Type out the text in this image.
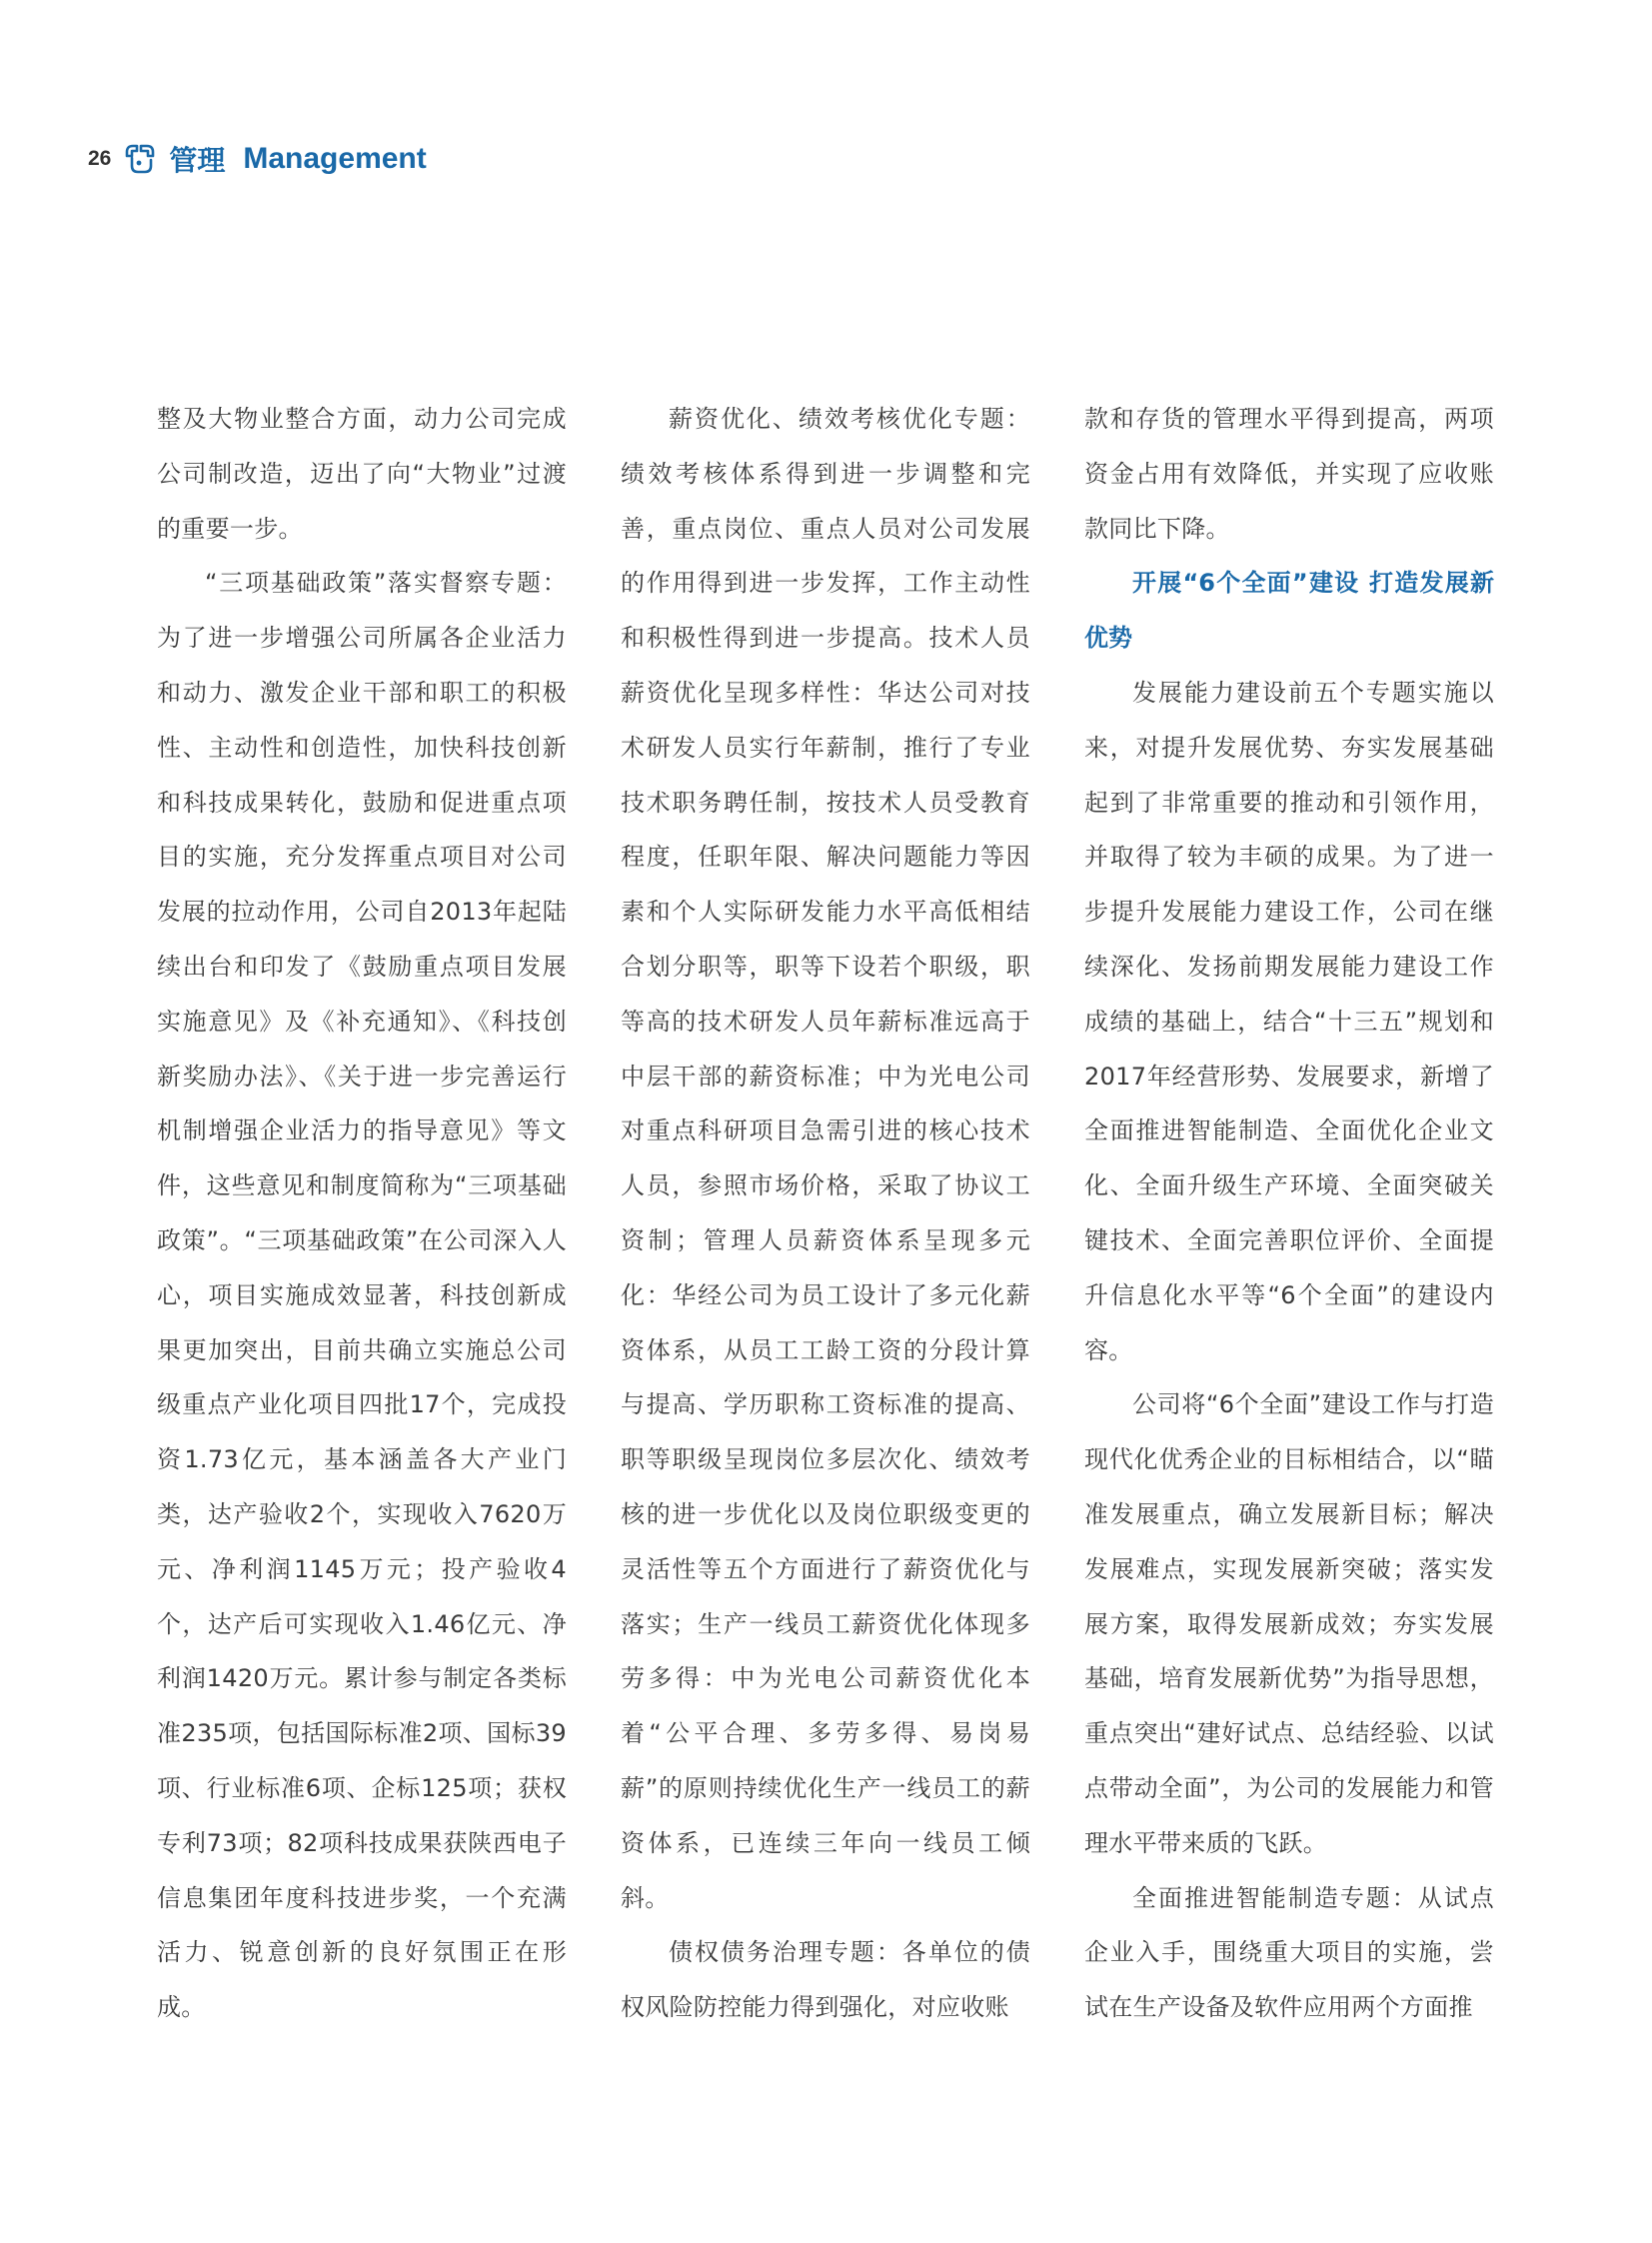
26 管理 Management

整及大物业整合方面，动力公司完成公司制改造，迈出了向“大物业”过渡的重要一步。

“三项基础政策”落实督察专题：为了进一步增强公司所属各企业活力和动力、激发企业干部和职工的积极性、主动性和创造性，加快科技创新和科技成果转化，鼓励和促进重点项目的实施，充分发挥重点项目对公司发展的拉动作用，公司自2013年起陆续出台和印发了《鼓励重点项目发展实施意见》及《补充通知》、《科技创新奖励办法》、《关于进一步完善运行机制增强企业活力的指导意见》等文件，这些意见和制度简称为“三项基础政策”。“三项基础政策”在公司深入人心，项目实施成效显著，科技创新成果更加突出，目前共确立实施总公司级重点产业化项目四批17个，完成投资1.73亿元，基本涵盖各大产业门类，达产验收2个，实现收入7620万元、净利润1145万元；投产验收4个，达产后可实现收入1.46亿元、净利润1420万元。累计参与制定各类标准235项，包括国际标准2项、国标39项、行业标准6项、企标125项；获权专利73项；82项科技成果获陕西电子信息集团年度科技进步奖，一个充满活力、锐意创新的良好氛围正在形成。

薪资优化、绩效考核优化专题：绩效考核体系得到进一步调整和完善，重点岗位、重点人员对公司发展的作用得到进一步发挥，工作主动性和积极性得到进一步提高。技术人员薪资优化呈现多样性：华达公司对技术研发人员实行年薪制，推行了专业技术职务聘任制，按技术人员受教育程度，任职年限、解决问题能力等因素和个人实际研发能力水平高低相结合划分职等，职等下设若个职级，职等高的技术研发人员年薪标准远高于中层干部的薪资标准；中为光电公司对重点科研项目急需引进的核心技术人员，参照市场价格，采取了协议工资制；管理人员薪资体系呈现多元化：华经公司为员工设计了多元化薪资体系，从员工工龄工资的分段计算与提高、学历职称工资标准的提高、职等职级呈现岗位多层次化、绩效考核的进一步优化以及岗位职级变更的灵活性等五个方面进行了薪资优化与落实；生产一线员工薪资优化体现多劳多得：中为光电公司薪资优化本着“公平合理、多劳多得、易岗易薪”的原则持续优化生产一线员工的薪资体系，已连续三年向一线员工倾斜。

债权债务治理专题：各单位的债权风险防控能力得到强化，对应收账

款和存货的管理水平得到提高，两项资金占用有效降低，并实现了应收账款同比下降。

开展“6个全面”建设 打造发展新优势

发展能力建设前五个专题实施以来，对提升发展优势、夯实发展基础起到了非常重要的推动和引领作用，并取得了较为丰硕的成果。为了进一步提升发展能力建设工作，公司在继续深化、发扬前期发展能力建设工作成绩的基础上，结合“十三五”规划和2017年经营形势、发展要求，新增了全面推进智能制造、全面优化企业文化、全面升级生产环境、全面突破关键技术、全面完善职位评价、全面提升信息化水平等“6个全面”的建设内容。

公司将“6个全面”建设工作与打造现代化优秀企业的目标相结合，以“瞄准发展重点，确立发展新目标；解决发展难点，实现发展新突破；落实发展方案，取得发展新成效；夯实发展基础，培育发展新优势”为指导思想，重点突出“建好试点、总结经验、以试点带动全面”，为公司的发展能力和管理水平带来质的飞跃。

全面推进智能制造专题：从试点企业入手，围绕重大项目的实施，尝试在生产设备及软件应用两个方面推
